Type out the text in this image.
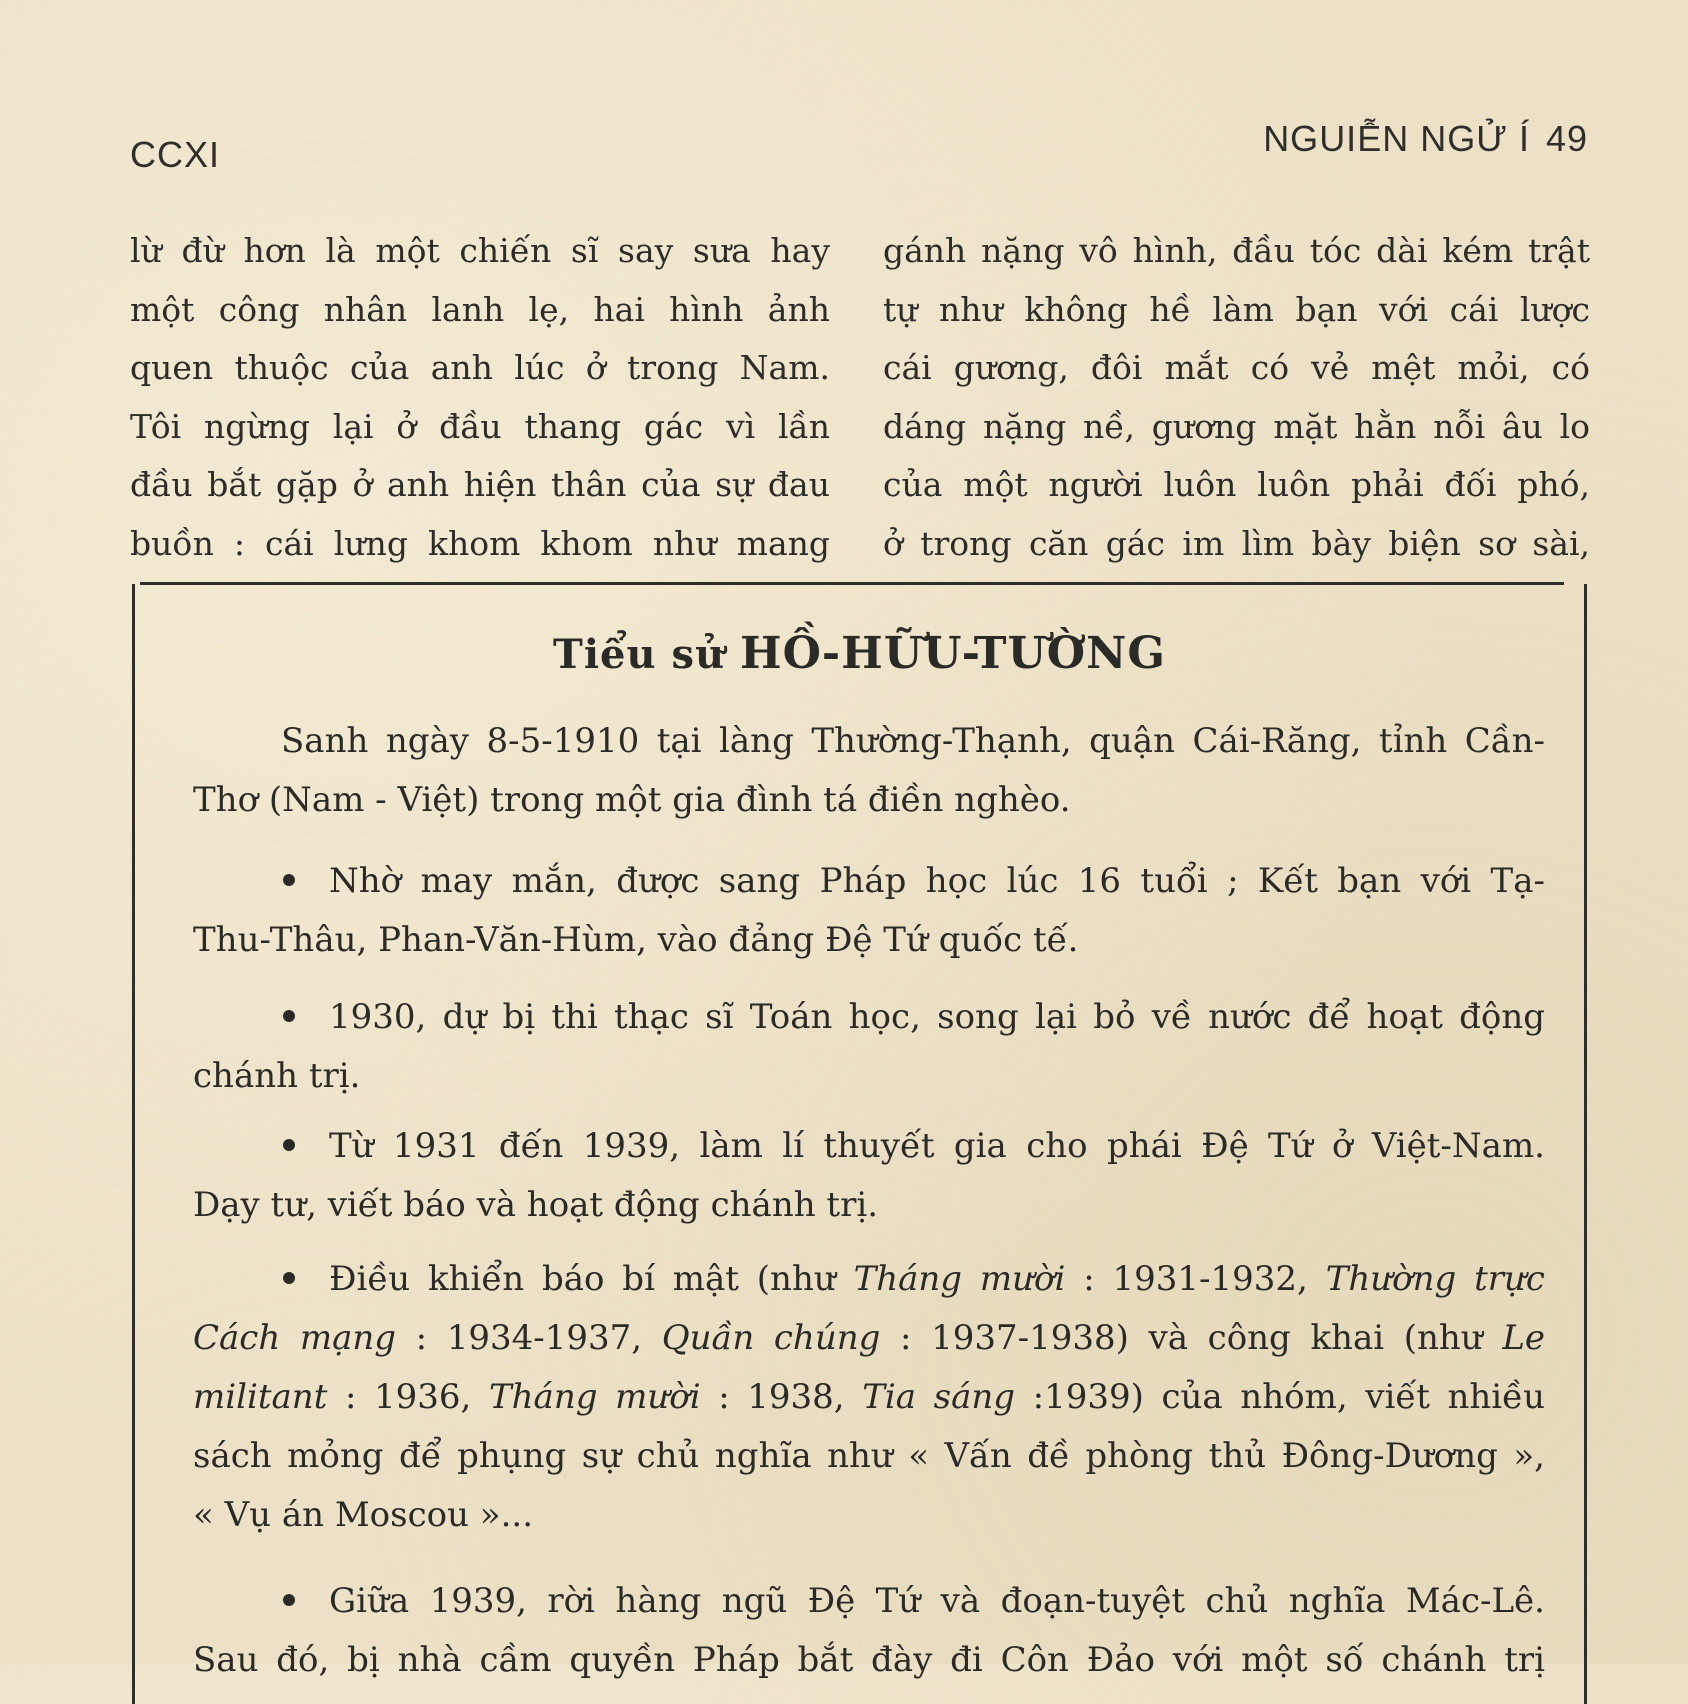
CCXI	NGUIỄN NGỬ Í 49
lừ đừ hơn là một chiến sĩ say sưa hay
một công nhân lanh lẹ, hai hình ảnh
quen thuộc của anh lúc ở trong Nam.
Tôi ngừng lại ở đầu thang gác vì lần
đầu bắt gặp ở anh hiện thân của sự đau
buồn : cái lưng khom khom như mang
gánh nặng vô hình, đầu tóc dài kém trật
tự như không hề làm bạn với cái lược
cái gương, đôi mắt có vẻ mệt mỏi, có
dáng nặng nề, gương mặt hằn nỗi âu lo
của một người luôn luôn phải đối phó,
ở trong căn gác im lìm bày biện sơ sài,
Tiểu sử HỒ-HỮU-TƯỜNG
Sanh ngày 8-5-1910 tại làng Thường-Thạnh, quận Cái-Răng, tỉnh Cần-
Thơ (Nam - Việt) trong một gia đình tá điền nghèo.
Nhờ may mắn, được sang Pháp học lúc 16 tuổi ; Kết bạn với Tạ-
Thu-Thâu, Phan-Văn-Hùm, vào đảng Đệ Tứ quốc tế.
1930, dự bị thi thạc sĩ Toán học, song lại bỏ về nước để hoạt động
chánh trị.
Từ 1931 đến 1939, làm lí thuyết gia cho phái Đệ Tứ ở Việt-Nam.
Dạy tư, viết báo và hoạt động chánh trị.
Điều khiển báo bí mật (như Tháng mười : 1931-1932, Thường trực
Cách mạng : 1934-1937, Quần chúng : 1937-1938) và công khai (như Le
militant : 1936, Tháng mười : 1938, Tia sáng :1939) của nhóm, viết nhiều
sách mỏng để phụng sự chủ nghĩa như « Vấn đề phòng thủ Đông-Dương »,
« Vụ án Moscou »...
Giữa 1939, rời hàng ngũ Đệ Tứ và đoạn-tuyệt chủ nghĩa Mác-Lê.
Sau đó, bị nhà cầm quyền Pháp bắt đày đi Côn Đảo với một số chánh trị
